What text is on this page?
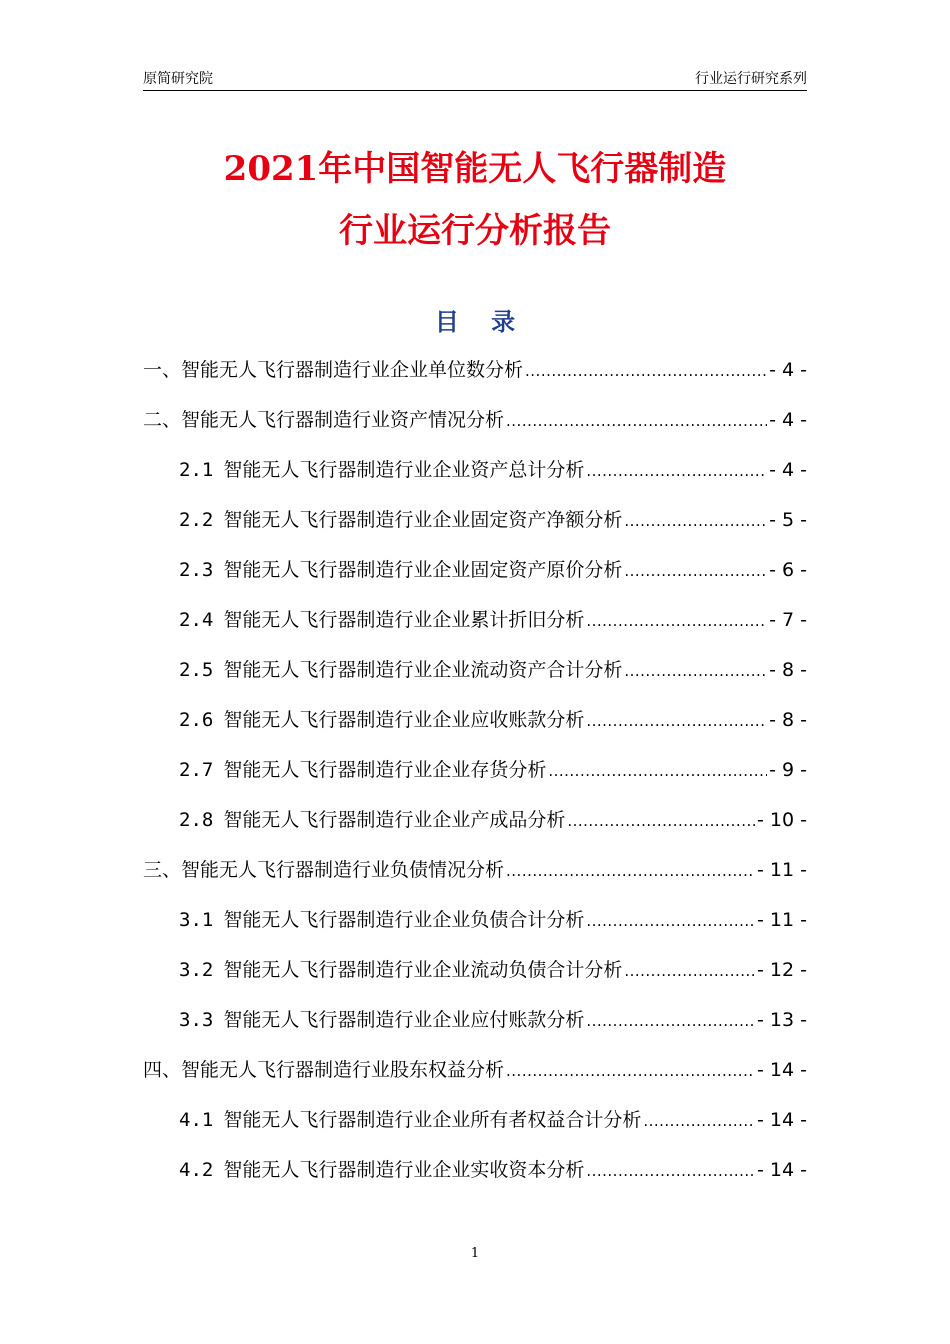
原简研究院	行业运行研究系列
2021年中国智能无人飞行器制造
行业运行分析报告
目 录
一、智能无人飞行器制造行业企业单位数分析 .....	- 4 -
二、智能无人飞行器制造行业资产情况分析 .....	- 4 -
2.1 智能无人飞行器制造行业企业资产总计分析 .....	- 4 -
2.2 智能无人飞行器制造行业企业固定资产净额分析 .....	- 5 -
2.3 智能无人飞行器制造行业企业固定资产原价分析 .....	- 6 -
2.4 智能无人飞行器制造行业企业累计折旧分析 .....	- 7 -
2.5 智能无人飞行器制造行业企业流动资产合计分析 .....	- 8 -
2.6 智能无人飞行器制造行业企业应收账款分析 .....	- 8 -
2.7 智能无人飞行器制造行业企业存货分析 .....	- 9 -
2.8 智能无人飞行器制造行业企业产成品分析 .....	- 10 -
三、智能无人飞行器制造行业负债情况分析 .....	- 11 -
3.1 智能无人飞行器制造行业企业负债合计分析 .....	- 11 -
3.2 智能无人飞行器制造行业企业流动负债合计分析 .....	- 12 -
3.3 智能无人飞行器制造行业企业应付账款分析 .....	- 13 -
四、智能无人飞行器制造行业股东权益分析 .....	- 14 -
4.1 智能无人飞行器制造行业企业所有者权益合计分析 .....	- 14 -
4.2 智能无人飞行器制造行业企业实收资本分析 .....	- 14 -
1
